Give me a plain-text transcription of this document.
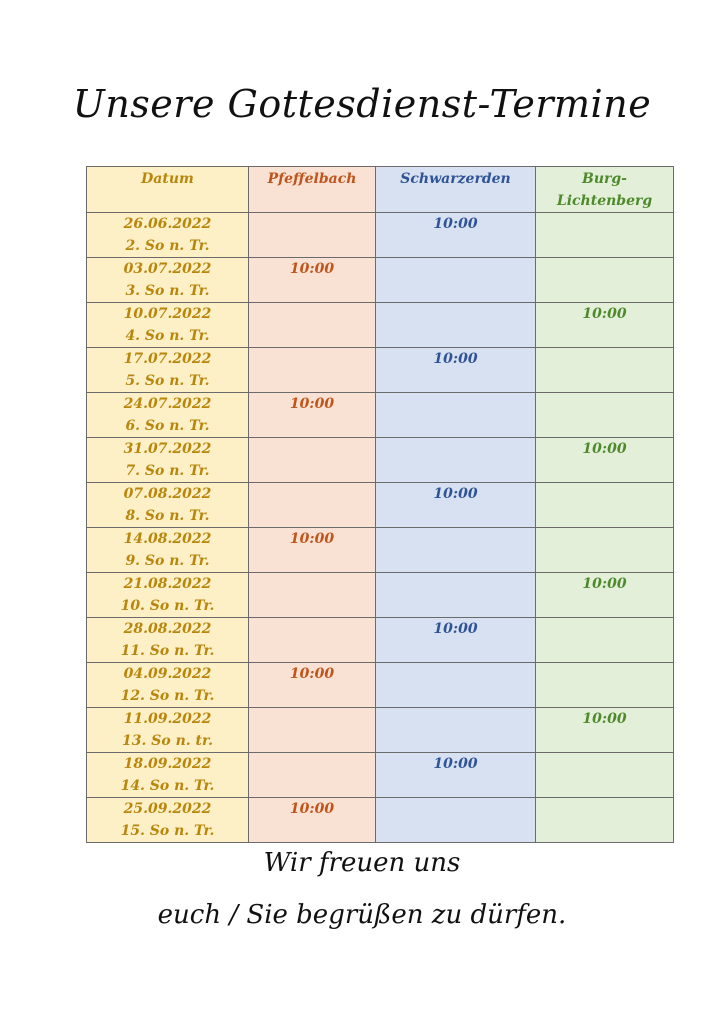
Unsere Gottesdienst-Termine
Datum	Pfeffelbach	Schwarzerden	Burg-Lichtenberg

26.06.2022
2. So n. Tr.		10:00	

03.07.2022
3. So n. Tr.	10:00		

10.07.2022
4. So n. Tr.			10:00

17.07.2022
5. So n. Tr.		10:00	

24.07.2022
6. So n. Tr.	10:00		

31.07.2022
7. So n. Tr.			10:00

07.08.2022
8. So n. Tr.		10:00	

14.08.2022
9. So n. Tr.	10:00		

21.08.2022
10. So n. Tr.			10:00

28.08.2022
11. So n. Tr.		10:00	

04.09.2022
12. So n. Tr.	10:00		

11.09.2022
13. So n. tr.			10:00

18.09.2022
14. So n. Tr.		10:00	

25.09.2022
15. So n. Tr.	10:00		
Wir freuen uns
euch / Sie begrüßen zu dürfen.
